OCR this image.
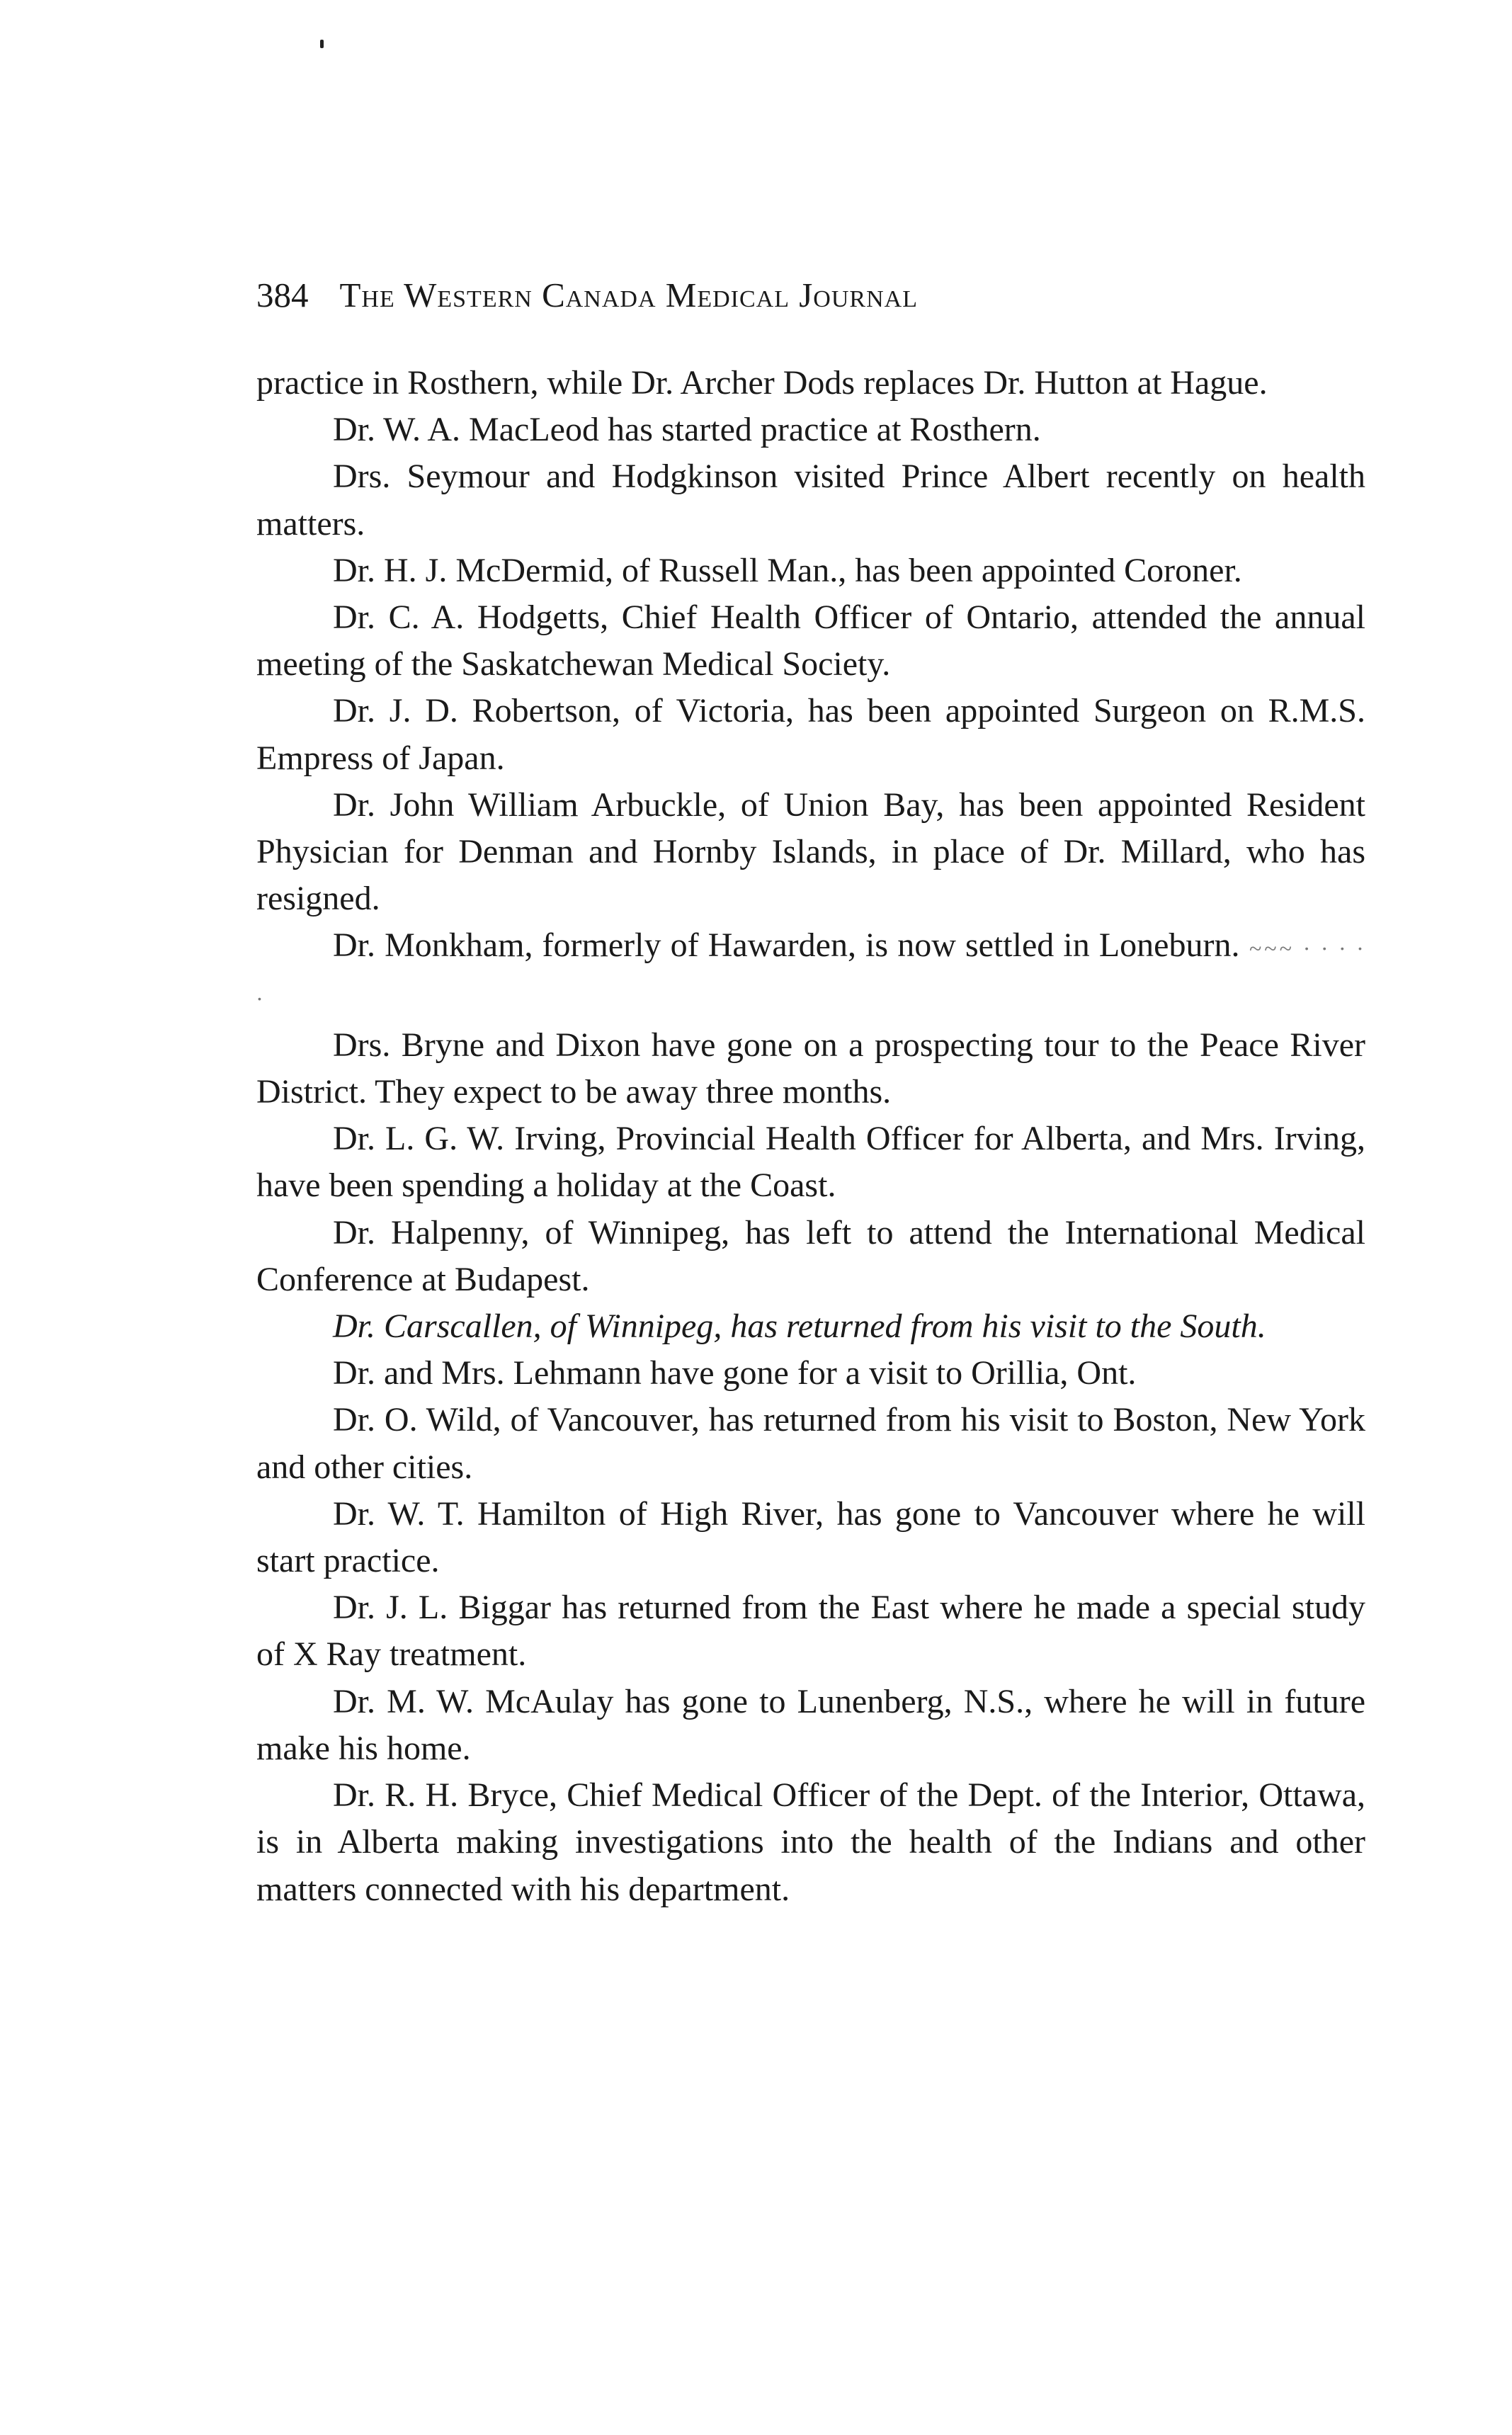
384 The Western Canada Medical Journal

practice in Rosthern, while Dr. Archer Dods replaces Dr. Hutton at Hague.

Dr. W. A. MacLeod has started practice at Rosthern.

Drs. Seymour and Hodgkinson visited Prince Albert recently on health matters.

Dr. H. J. McDermid, of Russell Man., has been appointed Coroner.

Dr. C. A. Hodgetts, Chief Health Officer of Ontario, attended the annual meeting of the Saskatchewan Medical Society.

Dr. J. D. Robertson, of Victoria, has been appointed Surgeon on R.M.S. Empress of Japan.

Dr. John William Arbuckle, of Union Bay, has been appointed Resident Physician for Denman and Hornby Islands, in place of Dr. Millard, who has resigned.

Dr. Monkham, formerly of Hawarden, is now settled in Loneburn. ~~~ · · · · ·

Drs. Bryne and Dixon have gone on a prospecting tour to the Peace River District. They expect to be away three months.

Dr. L. G. W. Irving, Provincial Health Officer for Alberta, and Mrs. Irving, have been spending a holiday at the Coast.

Dr. Halpenny, of Winnipeg, has left to attend the International Medical Conference at Budapest.

Dr. Carscallen, of Winnipeg, has returned from his visit to the South.

Dr. and Mrs. Lehmann have gone for a visit to Orillia, Ont.

Dr. O. Wild, of Vancouver, has returned from his visit to Boston, New York and other cities.

Dr. W. T. Hamilton of High River, has gone to Vancouver where he will start practice.

Dr. J. L. Biggar has returned from the East where he made a special study of X Ray treatment.

Dr. M. W. McAulay has gone to Lunenberg, N.S., where he will in future make his home.

Dr. R. H. Bryce, Chief Medical Officer of the Dept. of the Interior, Ottawa, is in Alberta making investigations into the health of the Indians and other matters connected with his department.
